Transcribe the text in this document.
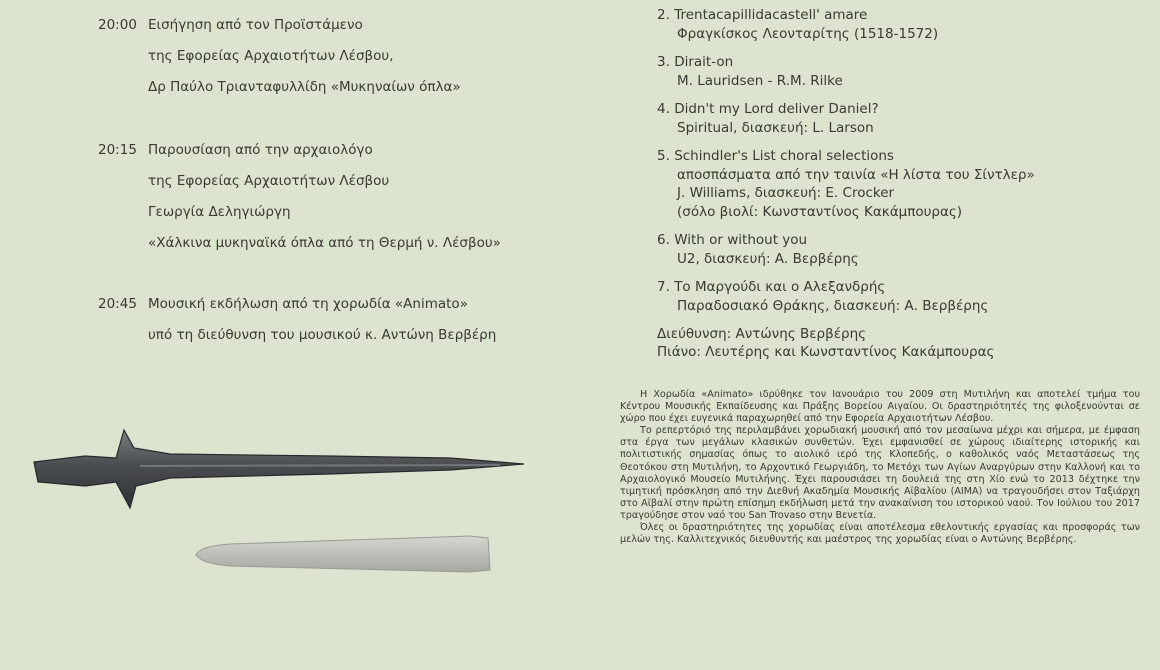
20:00 Εισήγηση από τον Προϊστάμενο
της Εφορείας Αρχαιοτήτων Λέσβου,
Δρ Παύλο Τριανταφυλλίδη «Μυκηναίων όπλα»
20:15 Παρουσίαση από την αρχαιολόγο
της Εφορείας Αρχαιοτήτων Λέσβου
Γεωργία Δεληγιώργη
«Χάλκινα μυκηναϊκά όπλα από τη Θερμή ν. Λέσβου»
20:45 Μουσική εκδήλωση από τη χορωδία «Animato»
υπό τη διεύθυνση του μουσικού κ. Αντώνη Βερβέρη
2. Trentacapillidacastell' amare
Φραγκίσκος Λεονταρίτης (1518-1572)
3. Dirait-on
M. Lauridsen - R.M. Rilke
4. Didn't my Lord deliver Daniel?
Spiritual, διασκευή: L. Larson
5. Schindler's List choral selections
αποσπάσματα από την ταινία «Η λίστα του Σίντλερ»
J. Williams, διασκευή: E. Crocker
(σόλο βιολί: Κωνσταντίνος Κακάμπουρας)
6. With or without you
U2, διασκευή: Α. Βερβέρης
7. Το Μαργούδι και ο Αλεξανδρής
Παραδοσιακό Θράκης, διασκευή: Α. Βερβέρης
Διεύθυνση: Αντώνης Βερβέρης
Πιάνο: Λευτέρης και Κωνσταντίνος Κακάμπουρας

Η Χορωδία «Animato» ιδρύθηκε τον Ιανουάριο του 2009 στη Μυτιλήνη και αποτελεί τμήμα του Κέντρου Μουσικής Εκπαίδευσης και Πράξης Βορείου Αιγαίου. Οι δραστηριότητές της φιλοξενούνται σε χώρο που έχει ευγενικά παραχωρηθεί από την Εφορεία Αρχαιοτήτων Λέσβου.

Το ρεπερτόριό της περιλαμβάνει χορωδιακή μουσική από τον μεσαίωνα μέχρι και σήμερα, με έμφαση στα έργα των μεγάλων κλασικών συνθετών. Έχει εμφανισθεί σε χώρους ιδιαίτερης ιστορικής και πολιτιστικής σημασίας όπως το αιολικό ιερό της Κλοπεδής, ο καθολικός ναός Μεταστάσεως της Θεοτόκου στη Μυτιλήνη, το Αρχοντικό Γεωργιάδη, το Μετόχι των Αγίων Αναργύρων στην Καλλονή και το Αρχαιολογικό Μουσείο Μυτιλήνης. Έχει παρουσιάσει τη δουλειά της στη Χίο ενώ το 2013 δέχτηκε την τιμητική πρόσκληση από την Διεθνή Ακαδημία Μουσικής Αϊβαλίου (AIMA) να τραγουδήσει στον Ταξιάρχη στο Αϊβαλί στην πρώτη επίσημη εκδήλωση μετά την ανακαίνιση του ιστορικού ναού. Τον Ιούλιου του 2017 τραγούδησε στον ναό του San Trovaso στην Βενετία.

Όλες οι δραστηριότητες της χορωδίας είναι αποτέλεσμα εθελοντικής εργασίας και προσφοράς των μελών της. Καλλιτεχνικός διευθυντής και μαέστρος της χορωδίας είναι ο Αντώνης Βερβέρης.
